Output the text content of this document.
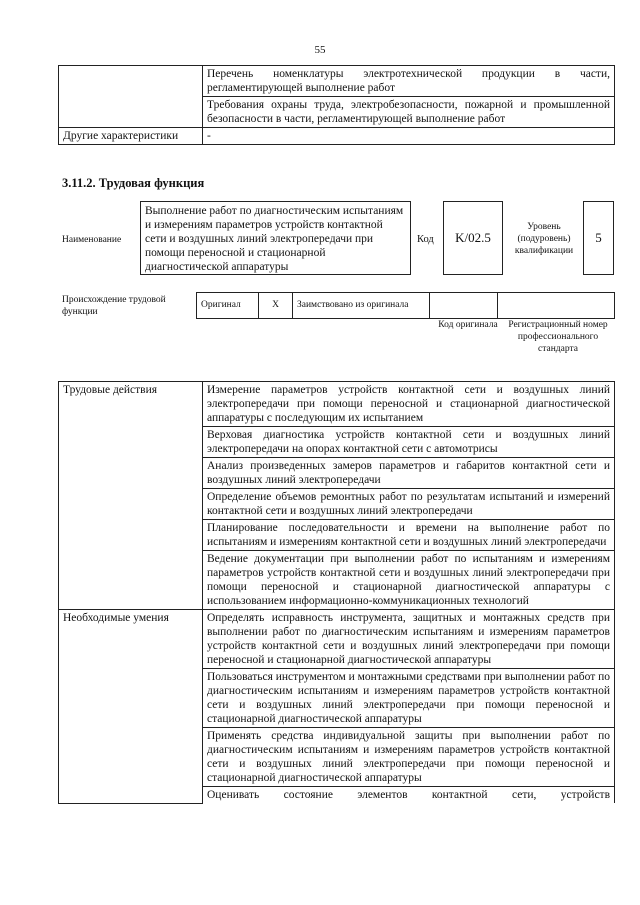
55
	Перечень номенклатуры электротехнической продукции в части, регламентирующей выполнение работ
	Требования охраны труда, электробезопасности, пожарной и промышленной безопасности в части, регламентирующей выполнение работ
Другие характеристики	-
3.11.2. Трудовая функция
Наименование
Выполнение работ по диагностическим испытаниям и измерениям параметров устройств контактной сети и воздушных линий электропередачи при помощи переносной и стационарной диагностической аппаратуры
Код	K/02.5
Уровень (подуровень) квалификации
5
Происхождение трудовой функции
Оригинал	X	Заимствовано из оригинала		
Код оригинала	Регистрационный номер профессионального стандарта
Трудовые действия	Измерение параметров устройств контактной сети и воздушных линий электропередачи при помощи переносной и стационарной диагностической аппаратуры с последующим их испытанием
	Верховая диагностика устройств контактной сети и воздушных линий электропередачи на опорах контактной сети с автомотрисы
	Анализ произведенных замеров параметров и габаритов контактной сети и воздушных линий электропередачи
	Определение объемов ремонтных работ по результатам испытаний и измерений контактной сети и воздушных линий электропередачи
	Планирование последовательности и времени на выполнение работ по испытаниям и измерениям контактной сети и воздушных линий электропередачи
	Ведение документации при выполнении работ по испытаниям и измерениям параметров устройств контактной сети и воздушных линий электропередачи при помощи переносной и стационарной диагностической аппаратуры с использованием информационно-коммуникационных технологий
Необходимые умения	Определять исправность инструмента, защитных и монтажных средств при выполнении работ по диагностическим испытаниям и измерениям параметров устройств контактной сети и воздушных линий электропередачи при помощи переносной и стационарной диагностической аппаратуры
	Пользоваться инструментом и монтажными средствами при выполнении работ по диагностическим испытаниям и измерениям параметров устройств контактной сети и воздушных линий электропередачи при помощи переносной и стационарной диагностической аппаратуры
	Применять средства индивидуальной защиты при выполнении работ по диагностическим испытаниям и измерениям параметров устройств контактной сети и воздушных линий электропередачи при помощи переносной и стационарной диагностической аппаратуры
	Оценивать состояние элементов контактной сети, устройств
